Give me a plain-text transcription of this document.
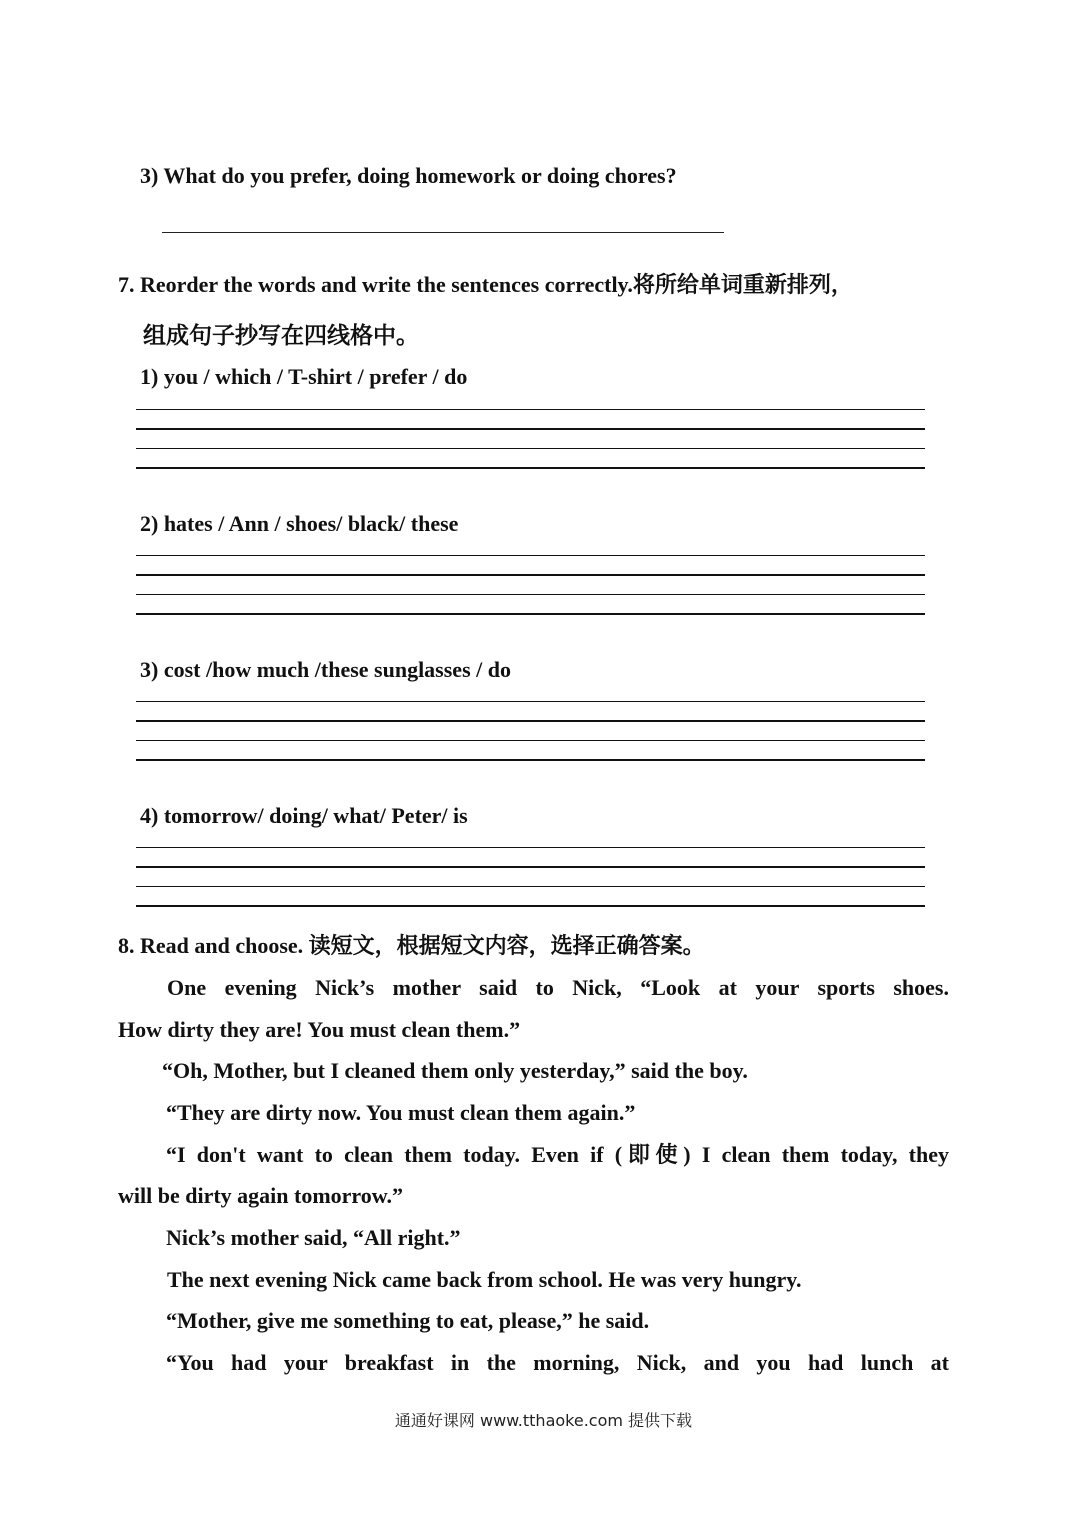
3) What do you prefer, doing homework or doing chores?
7. Reorder the words and write the sentences correctly.将所给单词重新排列，
组成句子抄写在四线格中。
1) you / which / T-shirt / prefer / do
2) hates / Ann / shoes/ black/ these
3) cost /how much /these sunglasses / do
4) tomorrow/ doing/ what/ Peter/ is
8. Read and choose. 读短文，根据短文内容，选择正确答案。
One evening Nick’s mother said to Nick, “Look at your sports shoes.
How dirty they are! You must clean them.”
“Oh, Mother, but I cleaned them only yesterday,” said the boy.
“They are dirty now. You must clean them again.”
“I don't want to clean them today. Even if (即使) I clean them today, they
will be dirty again tomorrow.”
Nick’s mother said, “All right.”
The next evening Nick came back from school. He was very hungry.
“Mother, give me something to eat, please,” he said.
“You had your breakfast in the morning, Nick, and you had lunch at
通通好课网 www.tthaoke.com 提供下载
